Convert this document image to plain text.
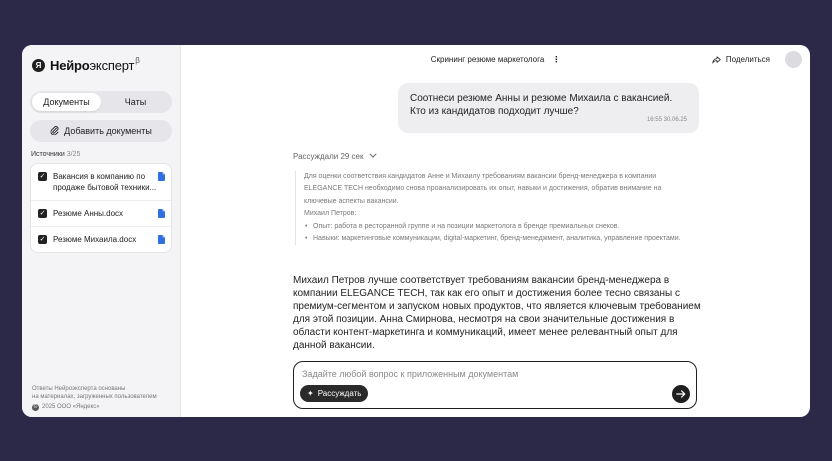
Я Нейроэксперт β
Документы	Чаты
Добавить документы
Источники 3/25
✓ Вакансия в компанию по продаже бытовой техники...
✓ Резюме Анны.docx
✓ Резюме Михаила.docx
Ответы Нейроэксперта основаны
на материалах, загруженных пользователем
© 2025 ООО «Яндекс»
Скрининг резюме маркетолога ⋮	Поделиться
Соотнеси резюме Анны и резюме Михаила с вакансией. Кто из кандидатов подходит лучше?
16:55 30.06.25
Рассуждали 29 сек
Для оценки соответствия кандидатов Анне и Михаилу требованиям вакансии бренд-менеджера в компании ELEGANCE TECH необходимо снова проанализировать их опыт, навыки и достижения, обратив внимание на ключевые аспекты вакансии.
Михаил Петров:
• Опыт: работа в ресторанной группе и на позиции маркетолога в бренде премиальных снеков.
• Навыки: маркетинговые коммуникации, digital-маркетинг, бренд-менеджмент, аналитика, управление проектами.
Михаил Петров лучше соответствует требованиям вакансии бренд-менеджера в компании ELEGANCE TECH, так как его опыт и достижения более тесно связаны с премиум-сегментом и запуском новых продуктов, что является ключевым требованием для этой позиции. Анна Смирнова, несмотря на свои значительные достижения в области контент-маркетинга и коммуникаций, имеет менее релевантный опыт для данной вакансии.
Задайте любой вопрос к приложенным документам
✦ Рассуждать
